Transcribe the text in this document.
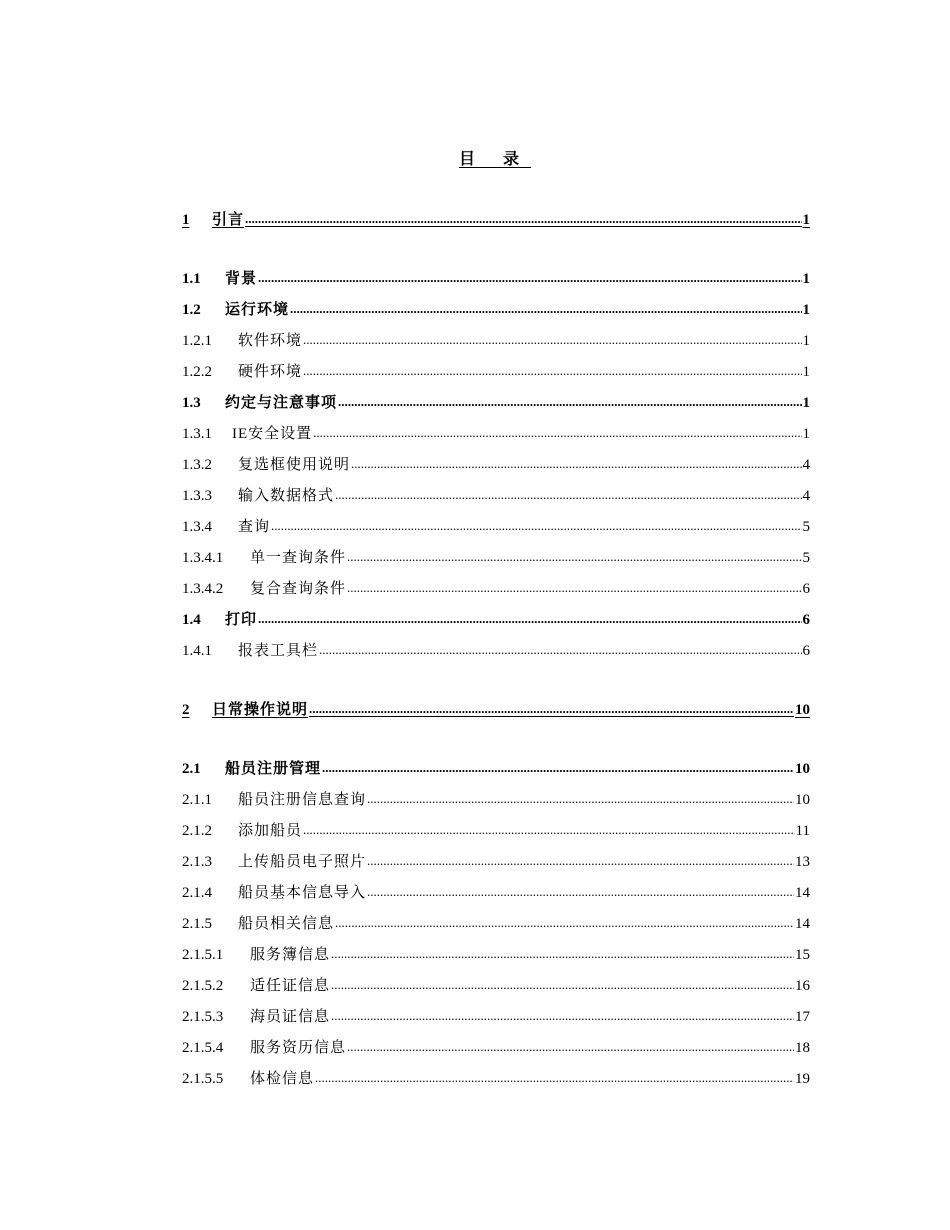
目 录
1	引言 .....	1
1.1	背景 .....	1
1.2	运行环境 .....	1
1.2.1	软件环境 .....	1
1.2.2	硬件环境 .....	1
1.3	约定与注意事项 .....	1
1.3.1	IE安全设置 .....	1
1.3.2	复选框使用说明 .....	4
1.3.3	输入数据格式 .....	4
1.3.4	查询 .....	5
1.3.4.1	单一查询条件 .....	5
1.3.4.2	复合查询条件 .....	6
1.4	打印 .....	6
1.4.1	报表工具栏 .....	6
2	日常操作说明 .....	10
2.1	船员注册管理 .....	10
2.1.1	船员注册信息查询 .....	10
2.1.2	添加船员 .....	11
2.1.3	上传船员电子照片 .....	13
2.1.4	船员基本信息导入 .....	14
2.1.5	船员相关信息 .....	14
2.1.5.1	服务簿信息 .....	15
2.1.5.2	适任证信息 .....	16
2.1.5.3	海员证信息 .....	17
2.1.5.4	服务资历信息 .....	18
2.1.5.5	体检信息 .....	19
